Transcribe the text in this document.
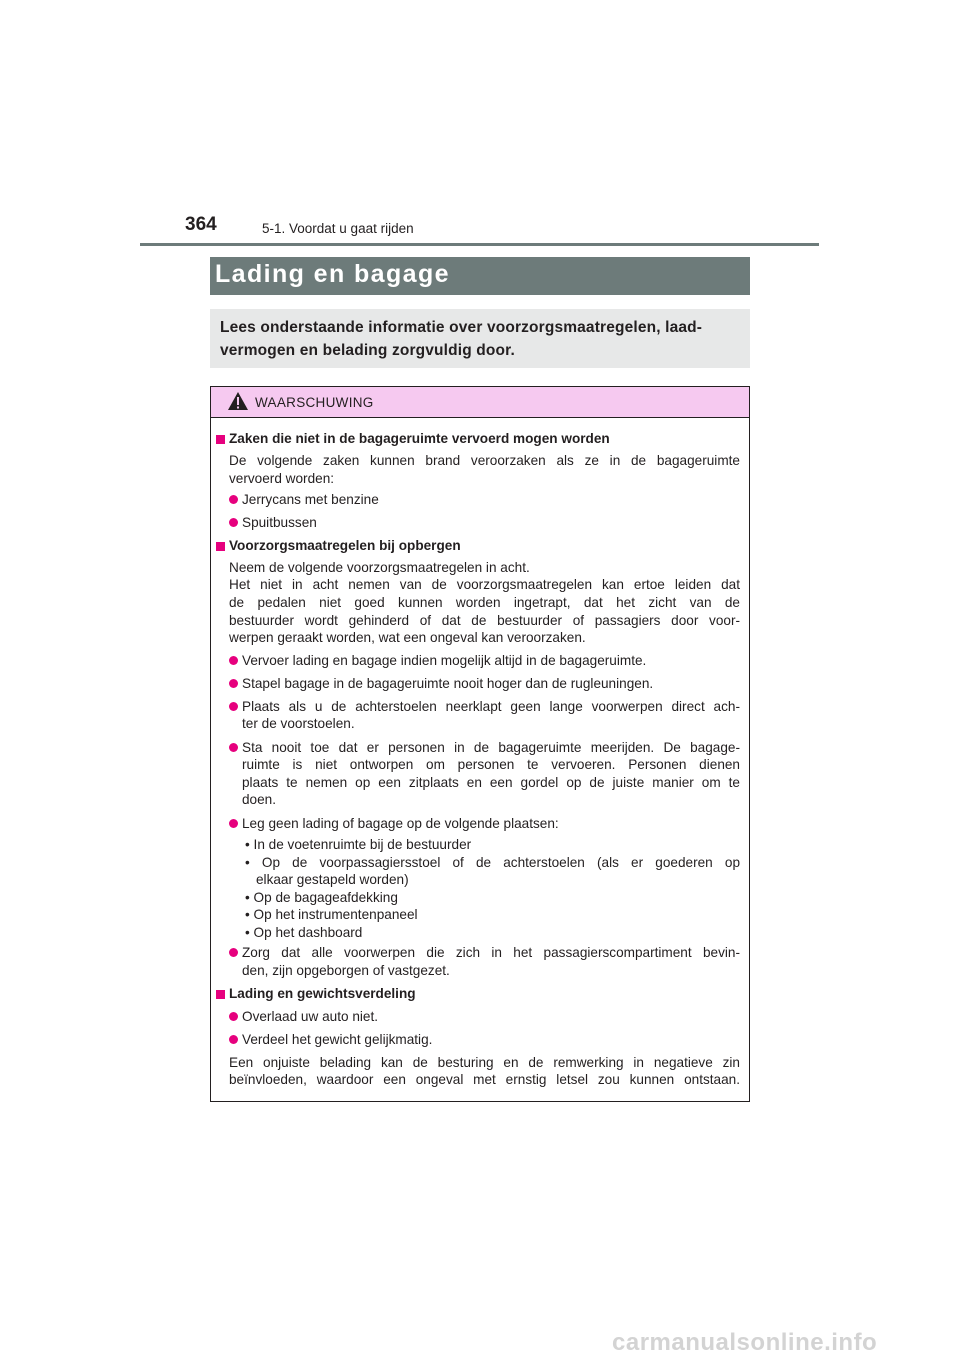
364	5-1. Voordat u gaat rijden
Lading en bagage
Lees onderstaande informatie over voorzorgsmaatregelen, laad-
vermogen en belading zorgvuldig door.
WAARSCHUWING
Zaken die niet in de bagageruimte vervoerd mogen worden
De volgende zaken kunnen brand veroorzaken als ze in de bagageruimte
vervoerd worden:
Jerrycans met benzine
Spuitbussen
Voorzorgsmaatregelen bij opbergen
Neem de volgende voorzorgsmaatregelen in acht.
Het niet in acht nemen van de voorzorgsmaatregelen kan ertoe leiden dat
de pedalen niet goed kunnen worden ingetrapt, dat het zicht van de
bestuurder wordt gehinderd of dat de bestuurder of passagiers door voor-
werpen geraakt worden, wat een ongeval kan veroorzaken.
Vervoer lading en bagage indien mogelijk altijd in de bagageruimte.
Stapel bagage in de bagageruimte nooit hoger dan de rugleuningen.
Plaats als u de achterstoelen neerklapt geen lange voorwerpen direct ach-
ter de voorstoelen.
Sta nooit toe dat er personen in de bagageruimte meerijden. De bagage-
ruimte is niet ontworpen om personen te vervoeren. Personen dienen
plaats te nemen op een zitplaats en een gordel op de juiste manier om te
doen.
Leg geen lading of bagage op de volgende plaatsen:
• In de voetenruimte bij de bestuurder
• Op de voorpassagiersstoel of de achterstoelen (als er goederen op
elkaar gestapeld worden)
• Op de bagageafdekking
• Op het instrumentenpaneel
• Op het dashboard
Zorg dat alle voorwerpen die zich in het passagierscompartiment bevin-
den, zijn opgeborgen of vastgezet.
Lading en gewichtsverdeling
Overlaad uw auto niet.
Verdeel het gewicht gelijkmatig.
Een onjuiste belading kan de besturing en de remwerking in negatieve zin
beïnvloeden, waardoor een ongeval met ernstig letsel zou kunnen ontstaan.
carmanualsonline.info
